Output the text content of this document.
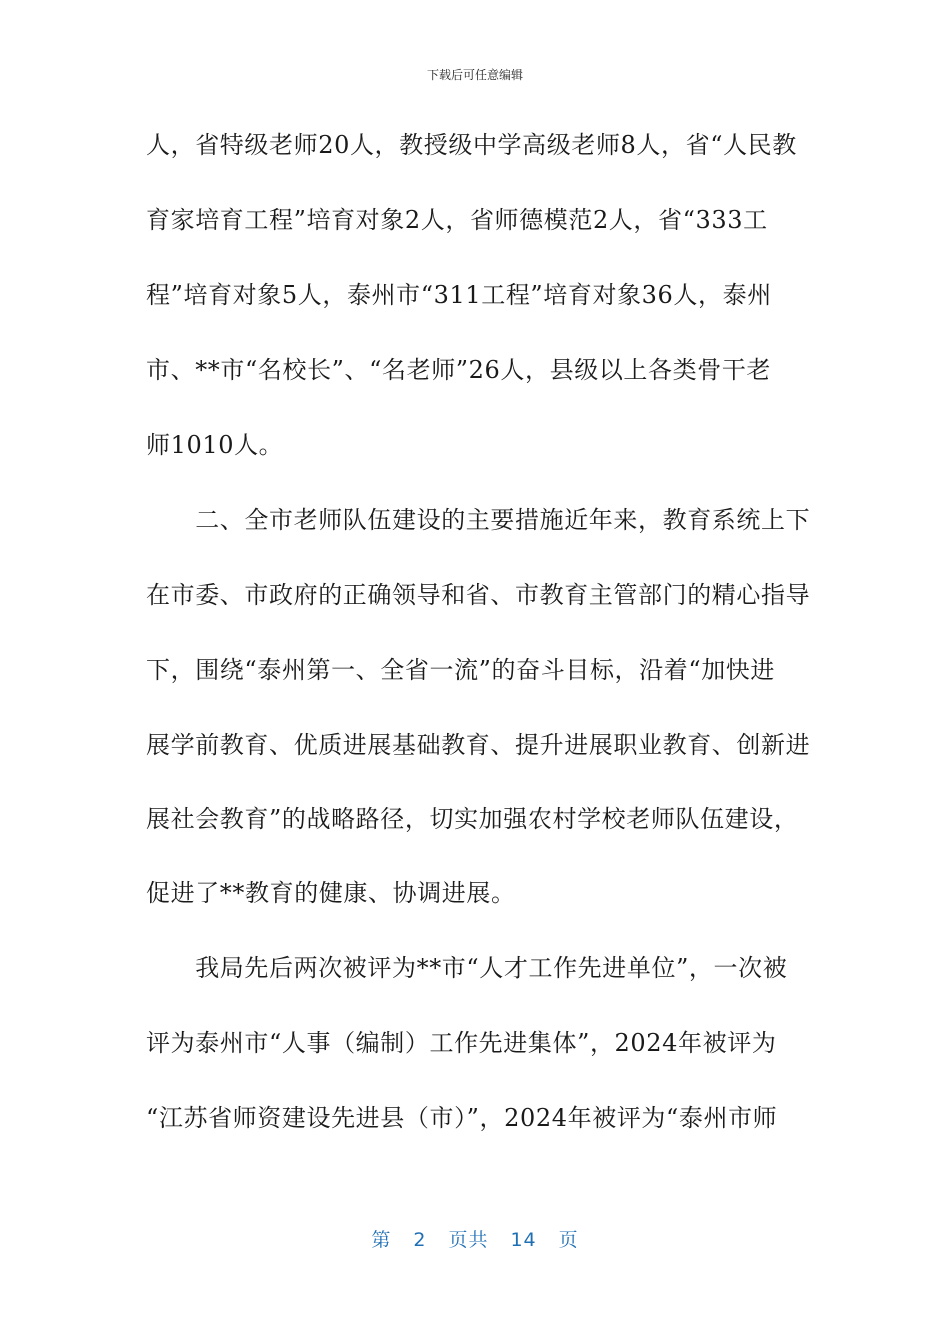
下载后可任意编辑
人，省特级老师20人，教授级中学高级老师8人，省“人民教
育家培育工程”培育对象2人，省师德模范2人，省“333工
程”培育对象5人，泰州市“311工程”培育对象36人，泰州
市、**市“名校长”、“名老师”26人，县级以上各类骨干老
师1010人。
　　二、全市老师队伍建设的主要措施近年来，教育系统上下
在市委、市政府的正确领导和省、市教育主管部门的精心指导
下，围绕“泰州第一、全省一流”的奋斗目标，沿着“加快进
展学前教育、优质进展基础教育、提升进展职业教育、创新进
展社会教育”的战略路径，切实加强农村学校老师队伍建设，
促进了**教育的健康、协调进展。
　　我局先后两次被评为**市“人才工作先进单位”，一次被
评为泰州市“人事（编制）工作先进集体”，2024年被评为
“江苏省师资建设先进县（市）”，2024年被评为“泰州市师
第 2 页共 14 页
